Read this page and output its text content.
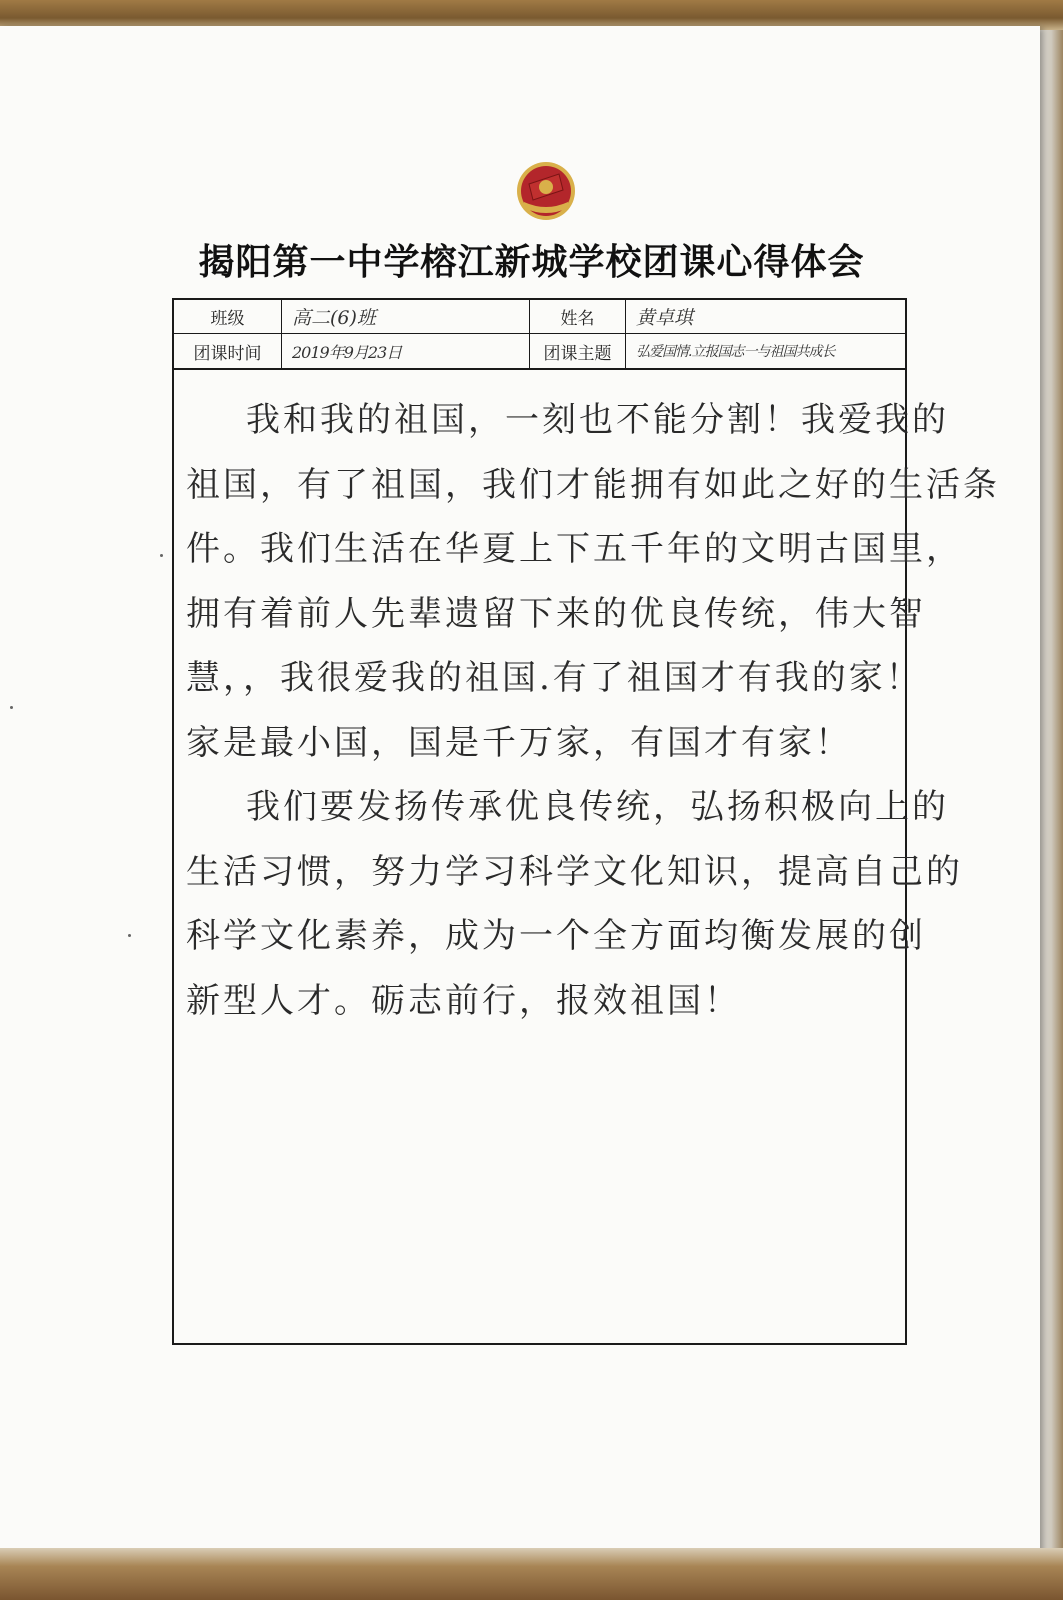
揭阳第一中学榕江新城学校团课心得体会
班级	高二(6)班	姓名	黄卓琪
团课时间	2019年9月23日	团课主题	弘爱国情.立报国志一与祖国共成长
我和我的祖国，一刻也不能分割！我爱我的
祖国，有了祖国，我们才能拥有如此之好的生活条
件。我们生活在华夏上下五千年的文明古国里，
拥有着前人先辈遗留下来的优良传统，伟大智
慧，，我很爱我的祖国.有了祖国才有我的家！
家是最小国，国是千万家，有国才有家！
我们要发扬传承优良传统，弘扬积极向上的
生活习惯，努力学习科学文化知识，提高自己的
科学文化素养，成为一个全方面均衡发展的创
新型人才。砺志前行，报效祖国！
